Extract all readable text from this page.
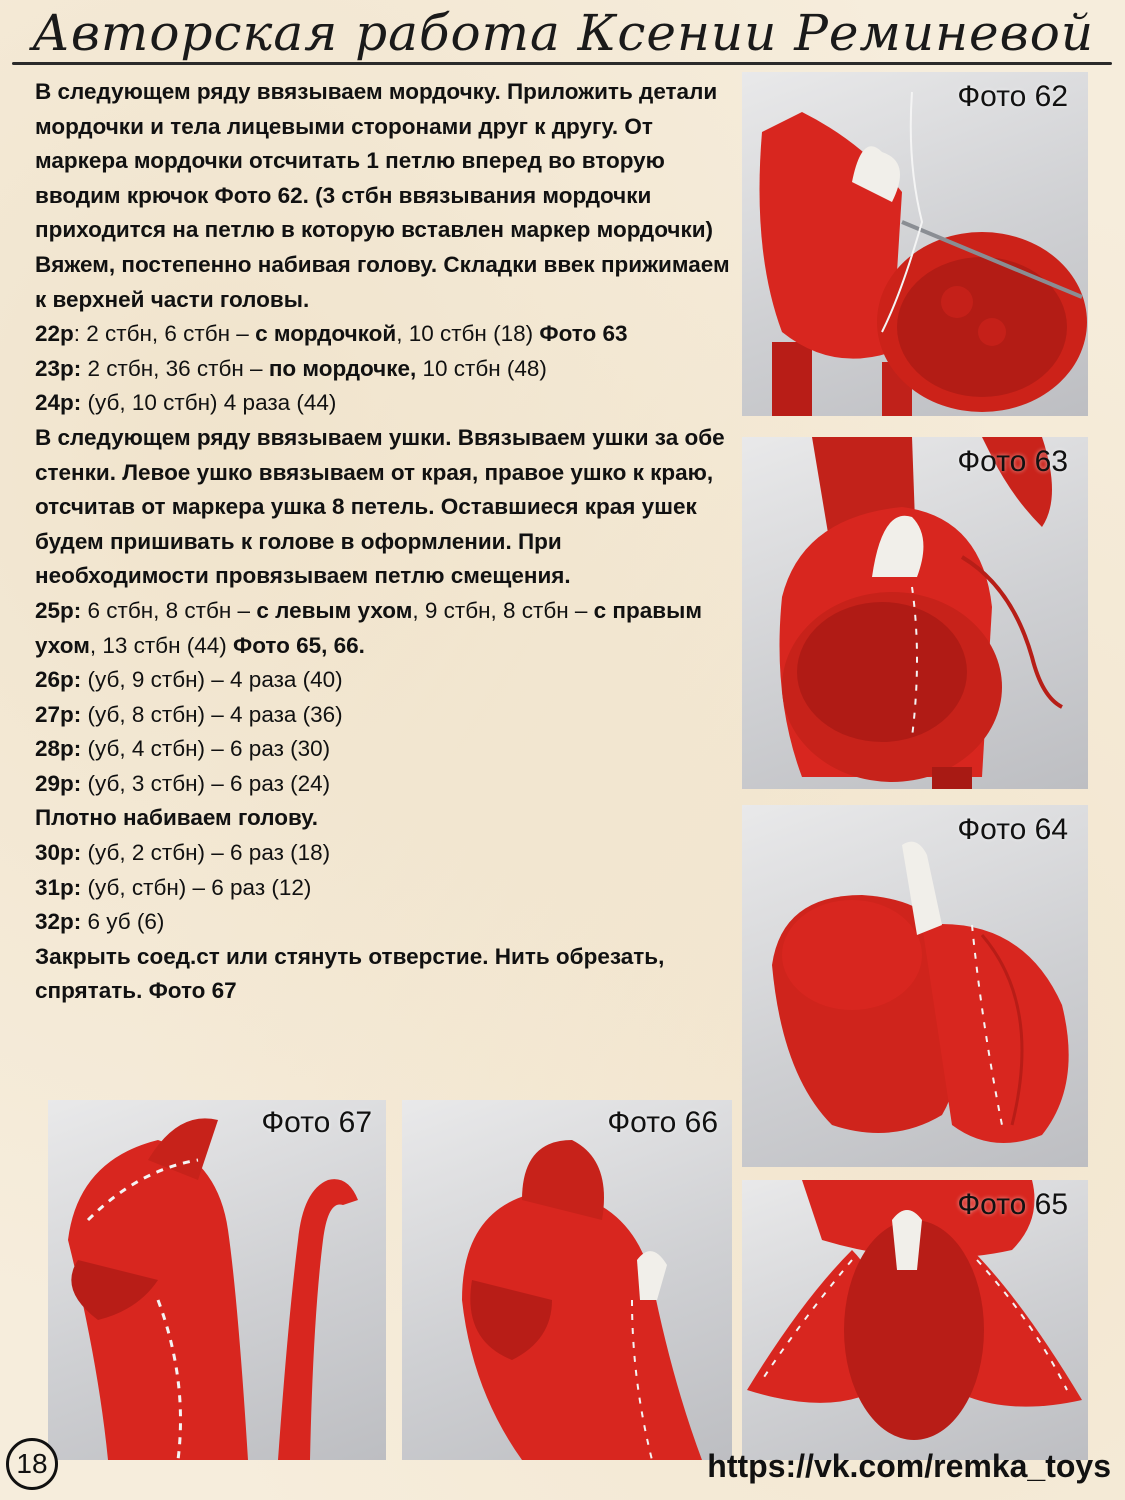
Авторская работа Ксении Реминевой

В следующем ряду ввязываем мордочку. Приложить детали мордочки и тела лицевыми сторонами друг к другу. От маркера мордочки отсчитать 1 петлю вперед во вторую вводим крючок Фото 62. (3 стбн ввязывания мордочки приходится на петлю в которую вставлен маркер мордочки)

Вяжем, постепенно набивая голову. Складки ввек прижимаем к верхней части головы.

22р: 2 стбн, 6 стбн – с мордочкой, 10 стбн (18) Фото 63

23р: 2 стбн, 36 стбн – по мордочке, 10 стбн (48)

24р: (уб, 10 стбн) 4 раза (44)

В следующем ряду ввязываем ушки. Ввязываем ушки за обе стенки. Левое ушко ввязываем от края, правое ушко к краю, отсчитав от маркера ушка 8 петель. Оставшиеся края ушек будем пришивать к голове в оформлении. При необходимости провязываем петлю смещения.

25р: 6 стбн, 8 стбн – с левым ухом, 9 стбн, 8 стбн – с правым ухом, 13 стбн (44) Фото 65, 66.

26р: (уб, 9 стбн) – 4 раза (40)

27р: (уб, 8 стбн) – 4 раза (36)

28р: (уб, 4 стбн) – 6 раз (30)

29р: (уб, 3 стбн) – 6 раз (24)

Плотно набиваем голову.

30р: (уб, 2 стбн) – 6 раз (18)

31р: (уб, стбн) – 6 раз (12)

32р: 6 уб (6)

Закрыть соед.ст или стянуть отверстие. Нить обрезать, спрятать. Фото 67

Фото 62
Фото 63
Фото 64
Фото 65
Фото 67	Фото 66
18	https://vk.com/remka_toys
